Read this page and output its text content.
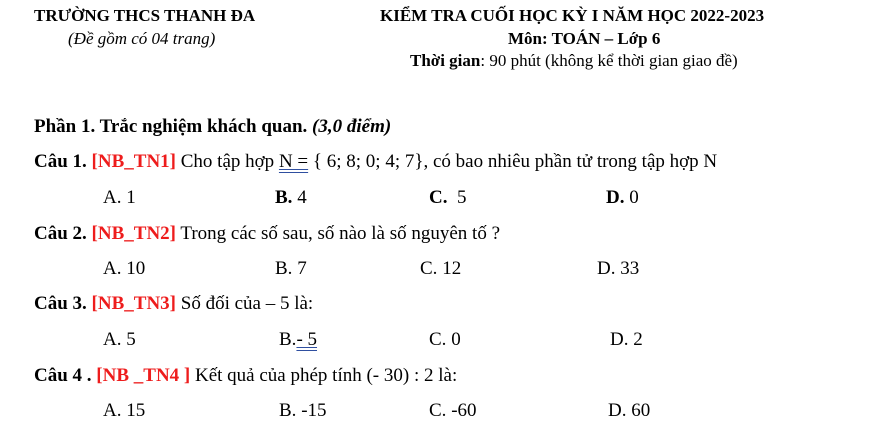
TRƯỜNG THCS THANH ĐA
(Đề gồm có 04 trang)
KIỂM TRA CUỐI HỌC KỲ I NĂM HỌC 2022-2023
Môn: TOÁN – Lớp 6
Thời gian: 90 phút (không kể thời gian giao đề)
Phần 1. Trắc nghiệm khách quan. (3,0 điểm)
Câu 1. [NB_TN1] Cho tập hợp N = { 6; 8; 0; 4; 7}, có bao nhiêu phần tử trong tập hợp N
A. 1	B. 4	C.  5	D. 0
Câu 2. [NB_TN2] Trong các số sau, số nào là số nguyên tố ?
A. 10	B. 7	C. 12	D. 33
Câu 3. [NB_TN3] Số đối của – 5 là:
A. 5	B.- 5	C. 0	D. 2
Câu 4 . [NB _TN4 ] Kết quả của phép tính (- 30) : 2 là:
A. 15	B. -15	C. -60	D. 60
